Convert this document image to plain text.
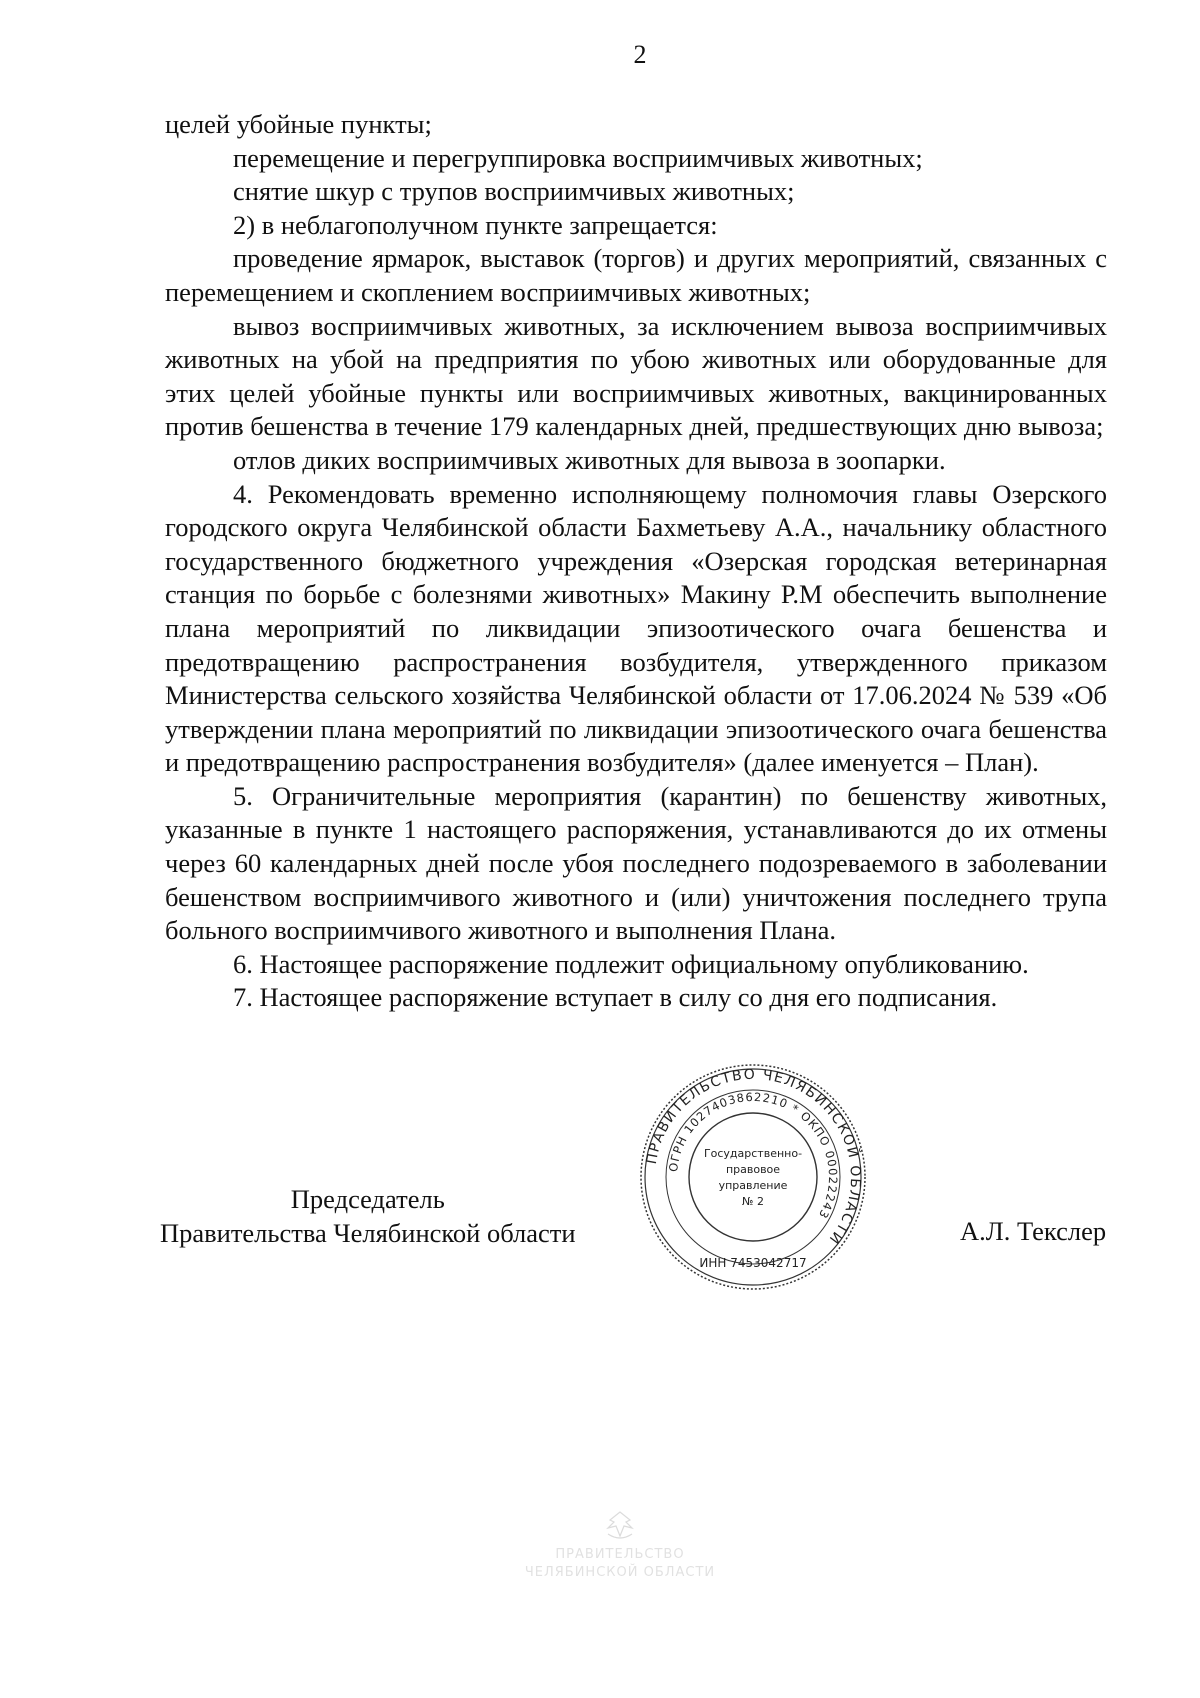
2

целей убойные пункты;

перемещение и перегруппировка восприимчивых животных;

снятие шкур с трупов восприимчивых животных;

2) в неблагополучном пункте запрещается:

проведение ярмарок, выставок (торгов) и других мероприятий, связанных с перемещением и скоплением восприимчивых животных;

вывоз восприимчивых животных, за исключением вывоза восприимчивых животных на убой на предприятия по убою животных или оборудованные для этих целей убойные пункты или восприимчивых животных, вакцинированных против бешенства в течение 179 календарных дней, предшествующих дню вывоза;

отлов диких восприимчивых животных для вывоза в зоопарки.

4. Рекомендовать временно исполняющему полномочия главы Озерского городского округа Челябинской области Бахметьеву А.А., начальнику областного государственного бюджетного учреждения «Озерская городская ветеринарная станция по борьбе с болезнями животных» Макину Р.М обеспечить выполнение плана мероприятий по ликвидации эпизоотического очага бешенства и предотвращению распространения возбудителя, утвержденного приказом Министерства сельского хозяйства Челябинской области от 17.06.2024 № 539 «Об утверждении плана мероприятий по ликвидации эпизоотического очага бешенства и предотвращению распространения возбудителя» (далее именуется – План).

5. Ограничительные мероприятия (карантин) по бешенству животных, указанные в пункте 1 настоящего распоряжения, устанавливаются до их отмены через 60 календарных дней после убоя последнего подозреваемого в заболевании бешенством восприимчивого животного и (или) уничтожения последнего трупа больного восприимчивого животного и выполнения Плана.

6. Настоящее распоряжение подлежит официальному опубликованию.

7. Настоящее распоряжение вступает в силу со дня его подписания.

Председатель
Правительства Челябинской области	А.Л. Текслер
ПРАВИТЕЛЬСТВО ЧЕЛЯБИНСКОЙ ОБЛАСТИ
ОГРН 1027403862210 * ОКПО 00022243
ИНН 7453042717
Государственно-
правовое
управление
№ 2
ПРАВИТЕЛЬСТВО
ЧЕЛЯБИНСКОЙ ОБЛАСТИ
